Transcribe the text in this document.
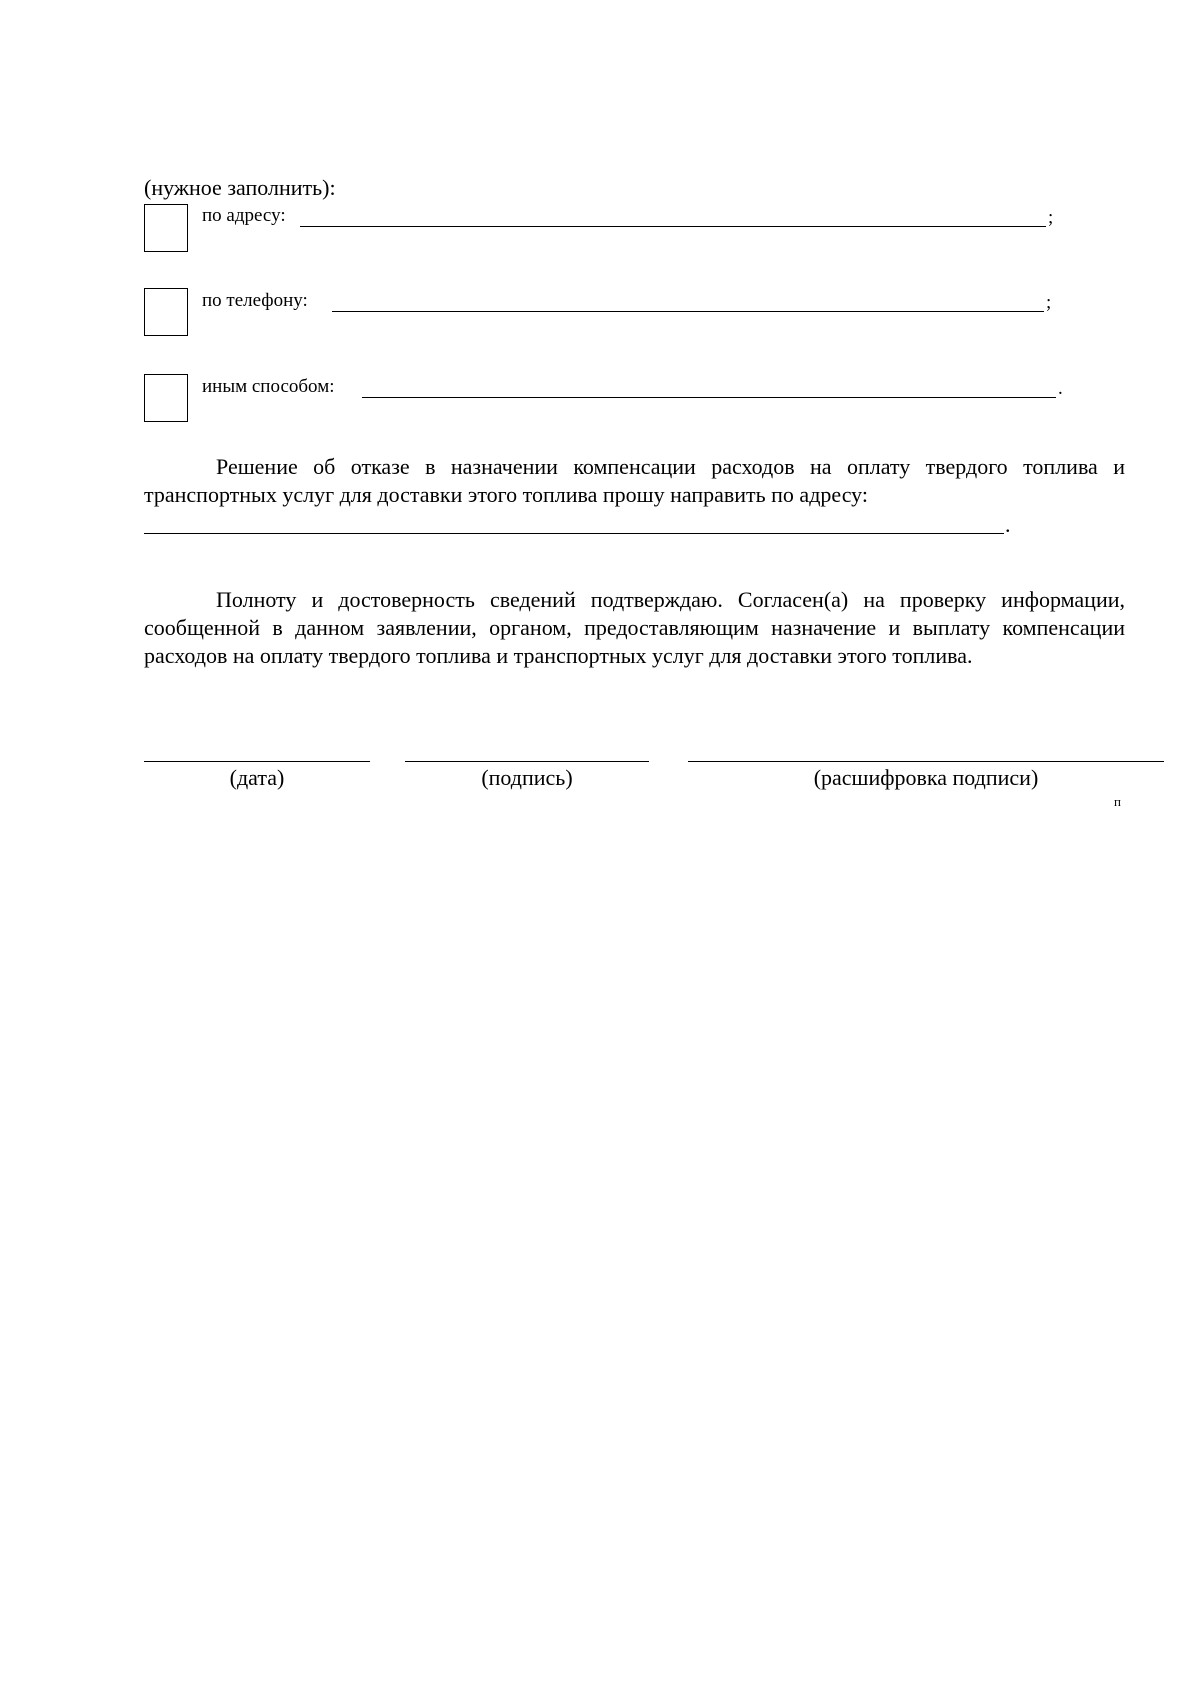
(нужное заполнить):
по адресу:	;
по телефону:	;
иным способом:	.
Решение об отказе в назначении компенсации расходов на оплату твердого топлива и транспортных услуг для доставки этого топлива прошу направить по адресу:
.
Полноту и достоверность сведений подтверждаю. Согласен(а) на проверку информации, сообщенной в данном заявлении, органом, предоставляющим назначение и выплату компенсации расходов на оплату твердого топлива и транспортных услуг для доставки этого топлива.
(дата)	(подпись)	(расшифровка подписи)
п
